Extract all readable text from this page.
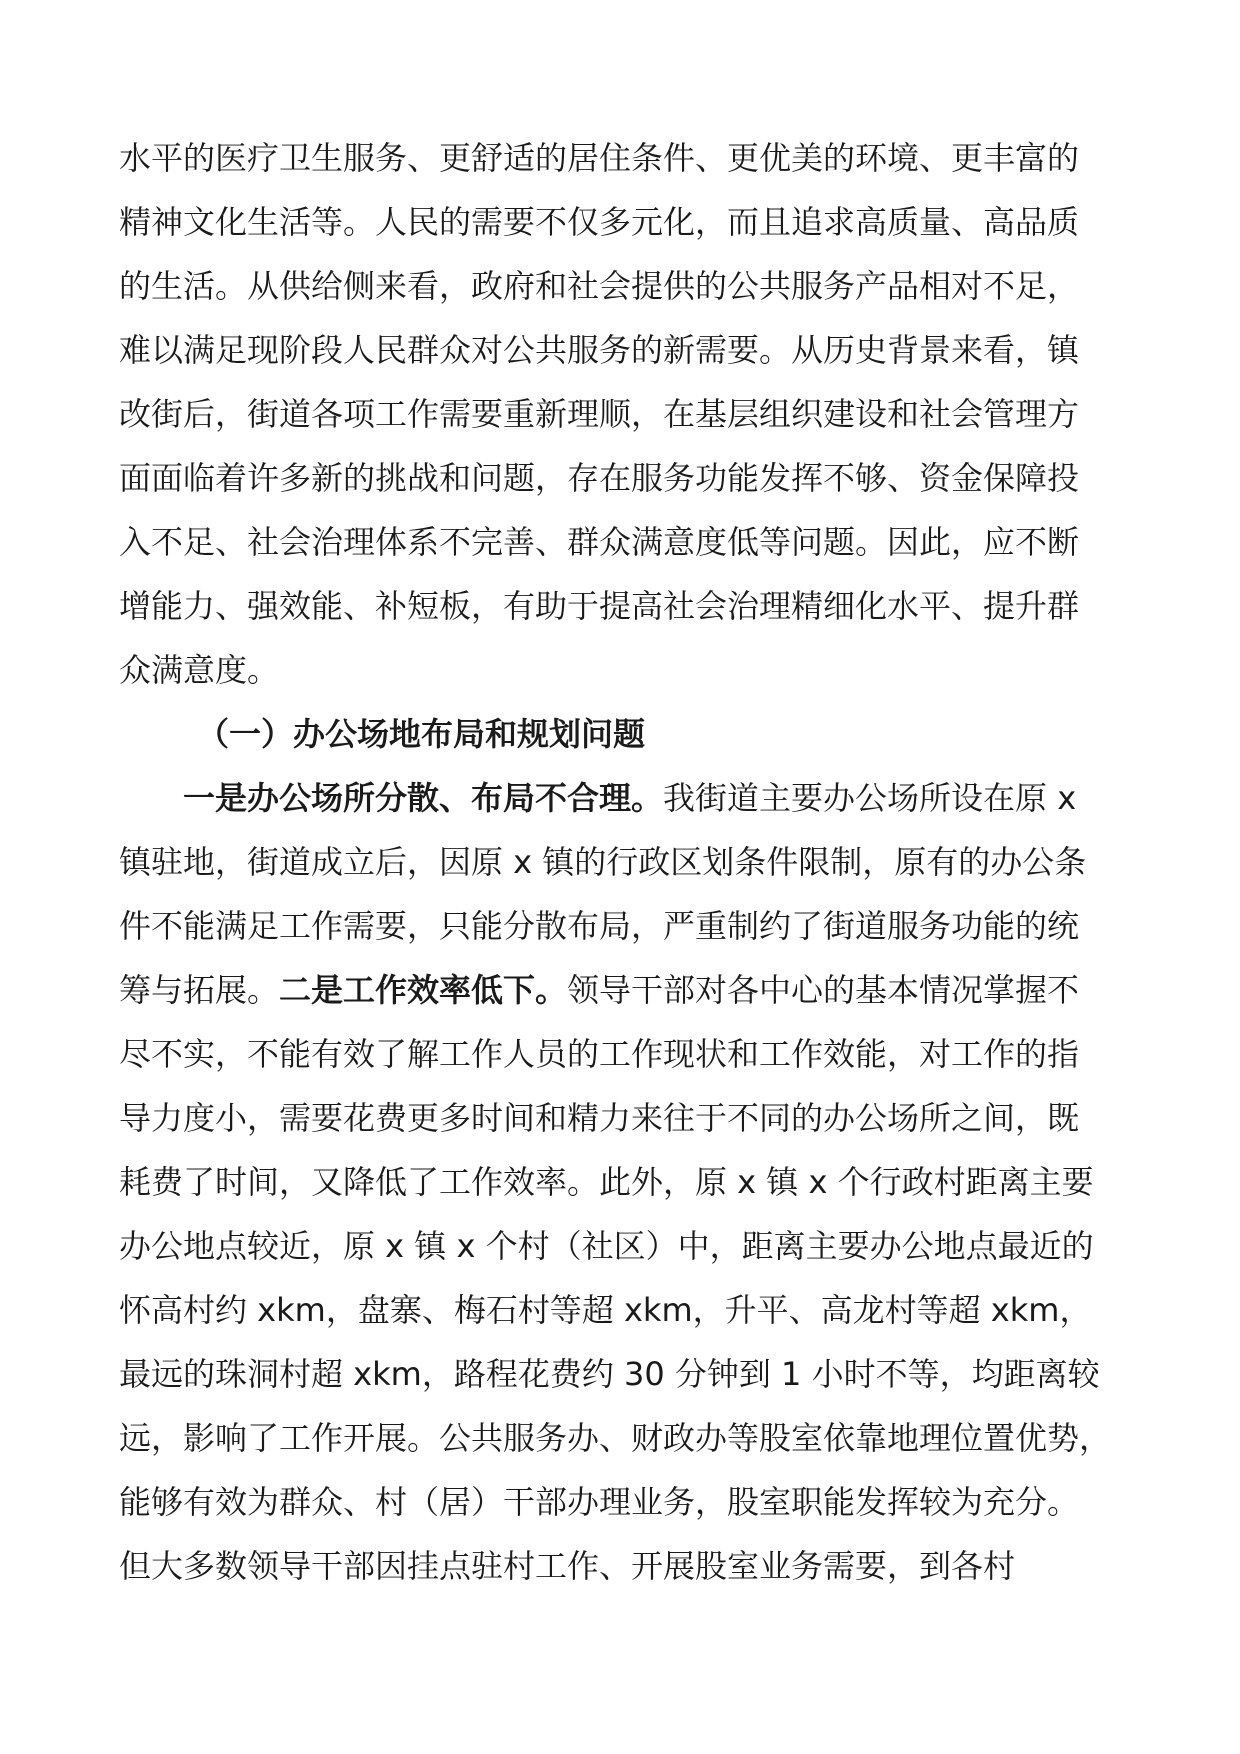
水平的医疗卫生服务、更舒适的居住条件、更优美的环境、更丰富的
精神文化生活等。人民的需要不仅多元化，而且追求高质量、高品质
的生活。从供给侧来看，政府和社会提供的公共服务产品相对不足，
难以满足现阶段人民群众对公共服务的新需要。从历史背景来看，镇
改街后，街道各项工作需要重新理顺，在基层组织建设和社会管理方
面面临着许多新的挑战和问题，存在服务功能发挥不够、资金保障投
入不足、社会治理体系不完善、群众满意度低等问题。因此，应不断
增能力、强效能、补短板，有助于提高社会治理精细化水平、提升群
众满意度。
（一）办公场地布局和规划问题
一是办公场所分散、布局不合理。我街道主要办公场所设在原 x
镇驻地，街道成立后，因原 x 镇的行政区划条件限制，原有的办公条
件不能满足工作需要，只能分散布局，严重制约了街道服务功能的统
筹与拓展。二是工作效率低下。领导干部对各中心的基本情况掌握不
尽不实，不能有效了解工作人员的工作现状和工作效能，对工作的指
导力度小，需要花费更多时间和精力来往于不同的办公场所之间，既
耗费了时间，又降低了工作效率。此外，原 x 镇 x 个行政村距离主要
办公地点较近，原 x 镇 x 个村（社区）中，距离主要办公地点最近的
怀高村约 xkm，盘寨、梅石村等超 xkm，升平、高龙村等超 xkm，
最远的珠洞村超 xkm，路程花费约 30 分钟到 1 小时不等，均距离较
远，影响了工作开展。公共服务办、财政办等股室依靠地理位置优势，
能够有效为群众、村（居）干部办理业务，股室职能发挥较为充分。
但大多数领导干部因挂点驻村工作、开展股室业务需要，到各村
